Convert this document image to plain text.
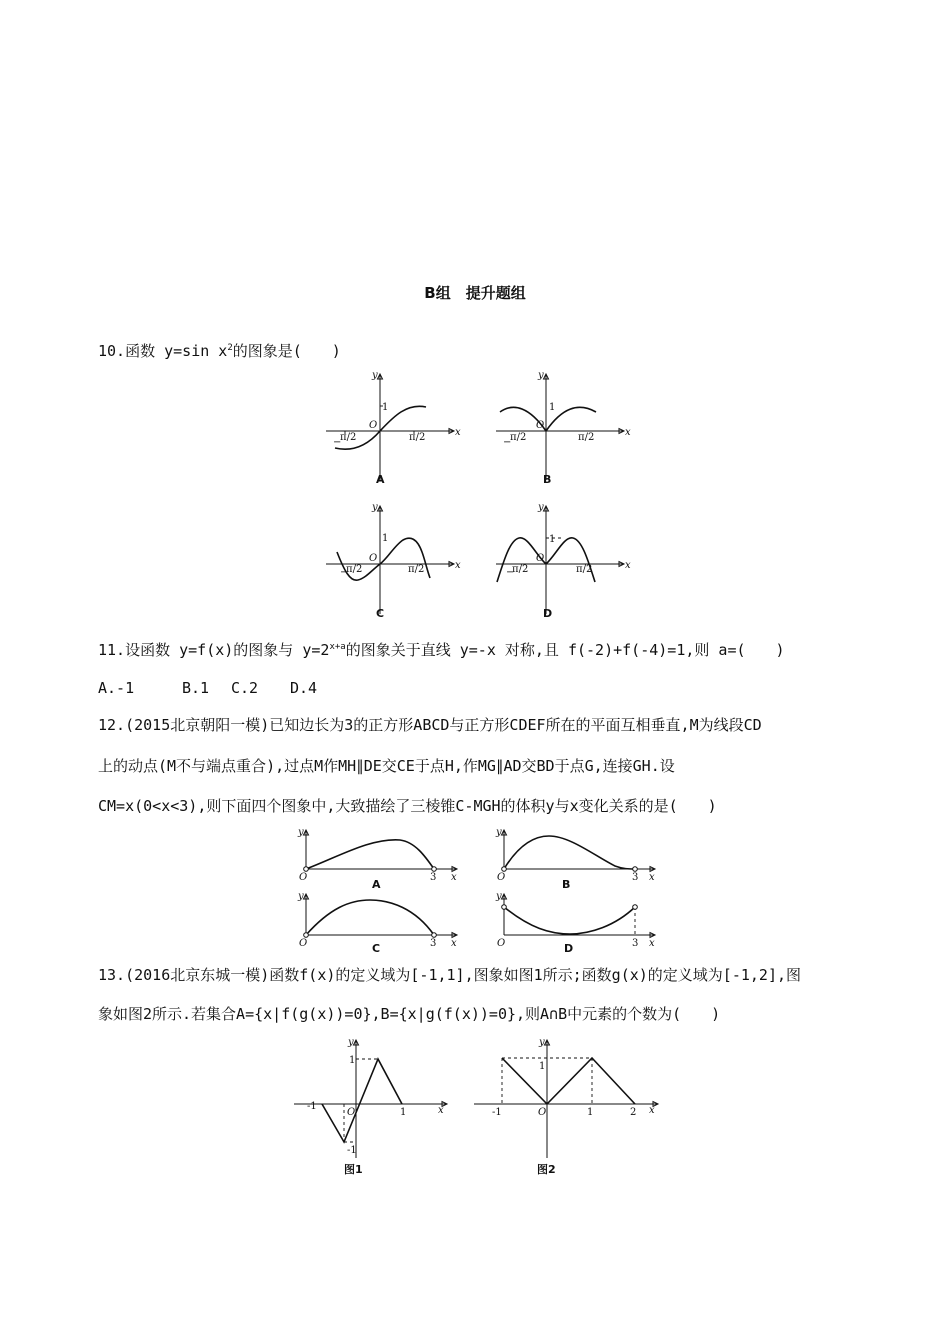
B组　提升题组
10.函数 y=sin $x^2$的图象是(　　)
x
y
O
1
−
π/2	π/2
A
x
y
O
1
−
π/2	π/2
B
x
y
O
1
−
π/2	π/2
C
x
y
O
1
−
π/2	π/2
D
11.设函数 y=f(x)的图象与 $y=2^{x+a}$的图象关于直线 y=-x 对称,且 f(-2)+f(-4)=1,则 a=(　　)
A.-1	B.1 C.2 D.4
12.(2015北京朝阳一模)已知边长为3的正方形ABCD与正方形CDEF所在的平面互相垂直,M为线段CD
上的动点(M不与端点重合),过点M作MH∥DE交CE于点H,作MG∥AD交BD于点G,连接GH.设
CM=x(0<x<3),则下面四个图象中,大致描绘了三棱锥C-MGH的体积y与x变化关系的是(　　)
x
y
O	3
A
x
y
O	3
B
x
y
O	3
C	x
y
O	3
D
13.(2016北京东城一模)函数f(x)的定义域为[-1,1],图象如图1所示;函数g(x)的定义域为[-1,2],图
象如图2所示.若集合A={x|f(g(x))=0},B={x|g(f(x))=0},则A∩B中元素的个数为(　　)
x
y
O
-1
1
1
-1
图1
x
y
O
-1	1	2
1
图2
